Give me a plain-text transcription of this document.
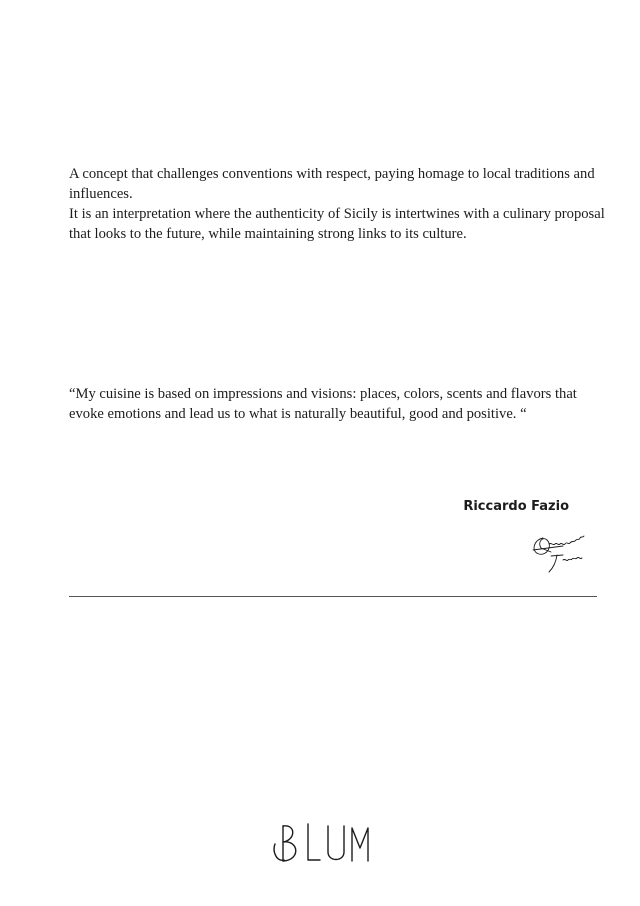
A concept that challenges conventions with respect, paying homage to local traditions and influences.
It is an interpretation where the authenticity of Sicily is intertwines with a culinary proposal that looks to the future, while maintaining strong links to its culture.

“My cuisine is based on impressions and visions: places, colors, scents and flavors that evoke emotions and lead us to what is naturally beautiful, good and positive. “

Riccardo Fazio
